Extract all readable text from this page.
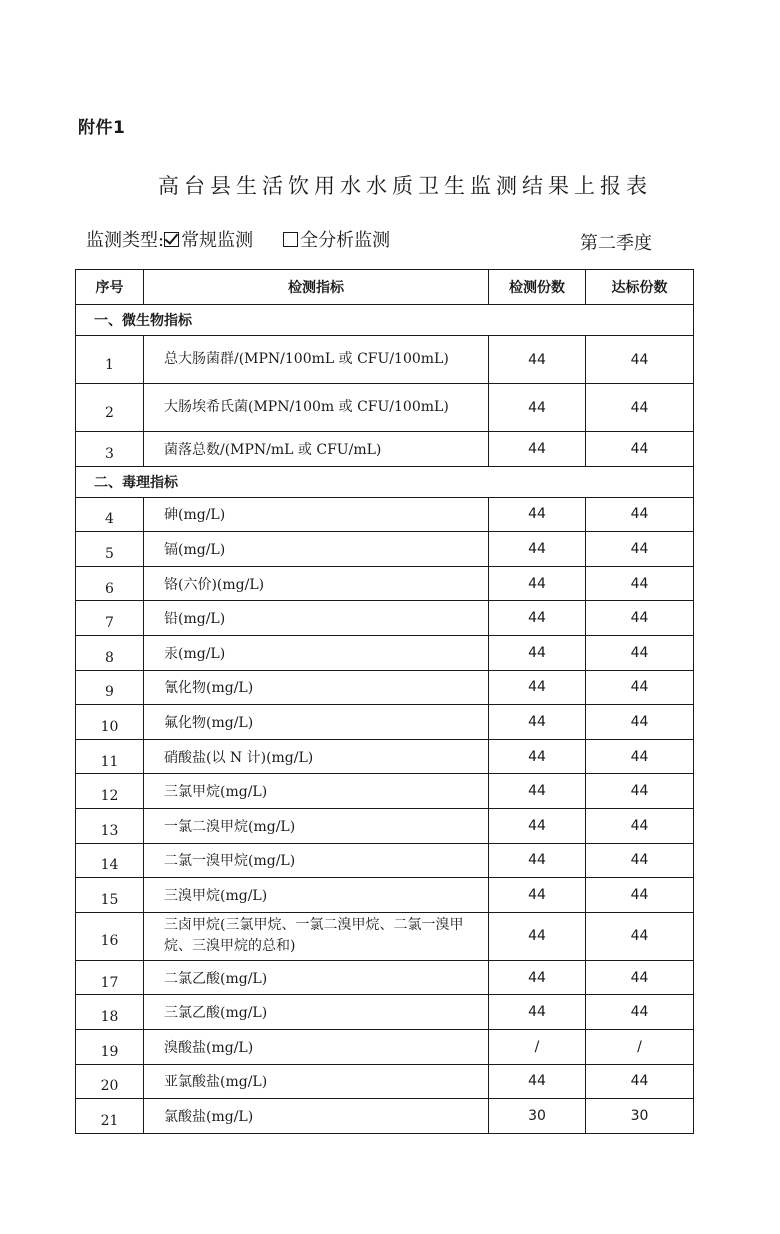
附件1
高台县生活饮用水水质卫生监测结果上报表
监测类型: 常规监测	全分析监测	第二季度
序号	检测指标	检测份数	达标份数
一、微生物指标			
1	总大肠菌群/(MPN/100mL 或 CFU/100mL)	44	44
2	大肠埃希氏菌(MPN/100m 或 CFU/100mL)	44	44
3	菌落总数/(MPN/mL 或 CFU/mL)	44	44
二、毒理指标			
4	砷(mg/L)	44	44
5	镉(mg/L)	44	44
6	铬(六价)(mg/L)	44	44
7	铅(mg/L)	44	44
8	汞(mg/L)	44	44
9	氰化物(mg/L)	44	44
10	氟化物(mg/L)	44	44
11	硝酸盐(以 N 计)(mg/L)	44	44
12	三氯甲烷(mg/L)	44	44
13	一氯二溴甲烷(mg/L)	44	44
14	二氯一溴甲烷(mg/L)	44	44
15	三溴甲烷(mg/L)	44	44
16	三卤甲烷(三氯甲烷、一氯二溴甲烷、二氯一溴甲烷、三溴甲烷的总和)	44	44
17	二氯乙酸(mg/L)	44	44
18	三氯乙酸(mg/L)	44	44
19	溴酸盐(mg/L)	/	/
20	亚氯酸盐(mg/L)	44	44
21	氯酸盐(mg/L)	30	30
